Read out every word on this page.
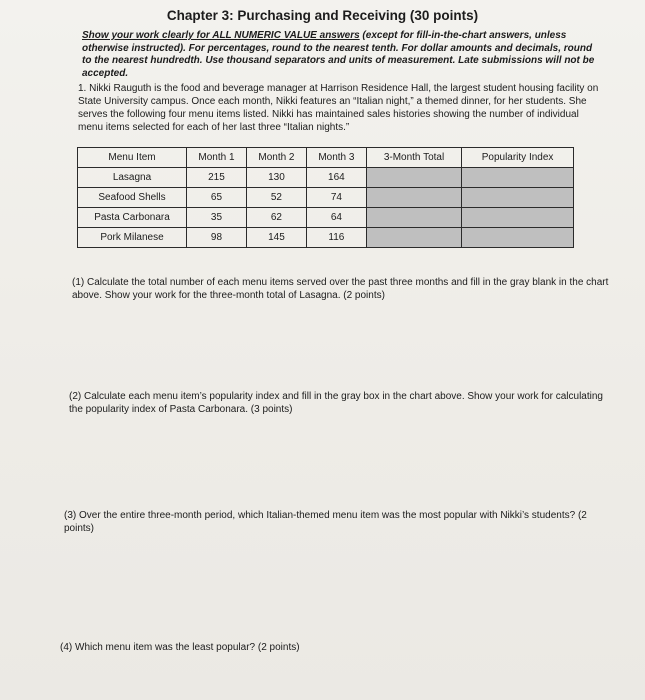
Chapter 3: Purchasing and Receiving (30 points)
Show your work clearly for ALL NUMERIC VALUE answers (except for fill-in-the-chart answers, unless otherwise instructed). For percentages, round to the nearest tenth. For dollar amounts and decimals, round to the nearest hundredth. Use thousand separators and units of measurement. Late submissions will not be accepted.
1. Nikki Rauguth is the food and beverage manager at Harrison Residence Hall, the largest student housing facility on State University campus. Once each month, Nikki features an “Italian night,” a themed dinner, for her students. She serves the following four menu items listed. Nikki has maintained sales histories showing the number of individual menu items selected for each of her last three “Italian nights.”
Menu Item	Month 1	Month 2	Month 3	3-Month Total	Popularity Index
Lasagna	215	130	164		
Seafood Shells	65	52	74		
Pasta Carbonara	35	62	64		
Pork Milanese	98	145	116		
(1) Calculate the total number of each menu items served over the past three months and fill in the gray blank in the chart above. Show your work for the three-month total of Lasagna. (2 points)
(2) Calculate each menu item’s popularity index and fill in the gray box in the chart above. Show your work for calculating the popularity index of Pasta Carbonara. (3 points)
(3) Over the entire three-month period, which Italian-themed menu item was the most popular with Nikki’s students? (2 points)
(4) Which menu item was the least popular? (2 points)
